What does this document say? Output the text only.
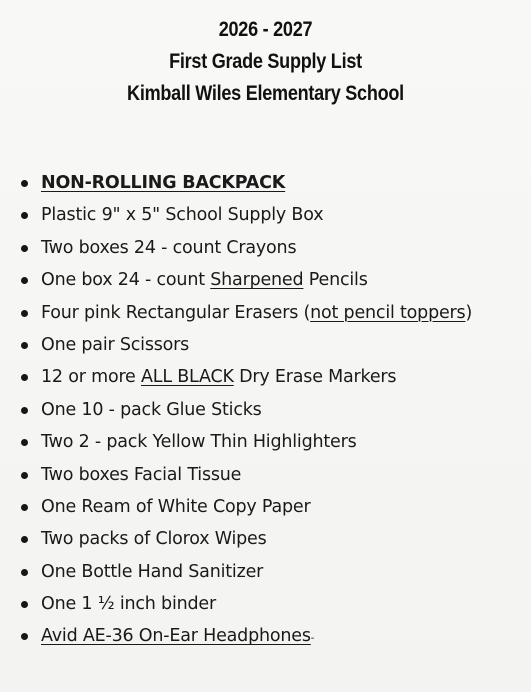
2026 - 2027
First Grade Supply List
Kimball Wiles Elementary School
NON-ROLLING BACKPACK
Plastic 9" x 5" School Supply Box
Two boxes 24 - count Crayons
One box 24 - count Sharpened Pencils
Four pink Rectangular Erasers (not pencil toppers)
One pair Scissors
12 or more ALL BLACK Dry Erase Markers
One 10 - pack Glue Sticks
Two 2 - pack Yellow Thin Highlighters
Two boxes Facial Tissue
One Ream of White Copy Paper
Two packs of Clorox Wipes
One Bottle Hand Sanitizer
One 1 ½ inch binder
Avid AE-36 On-Ear Headphones-
